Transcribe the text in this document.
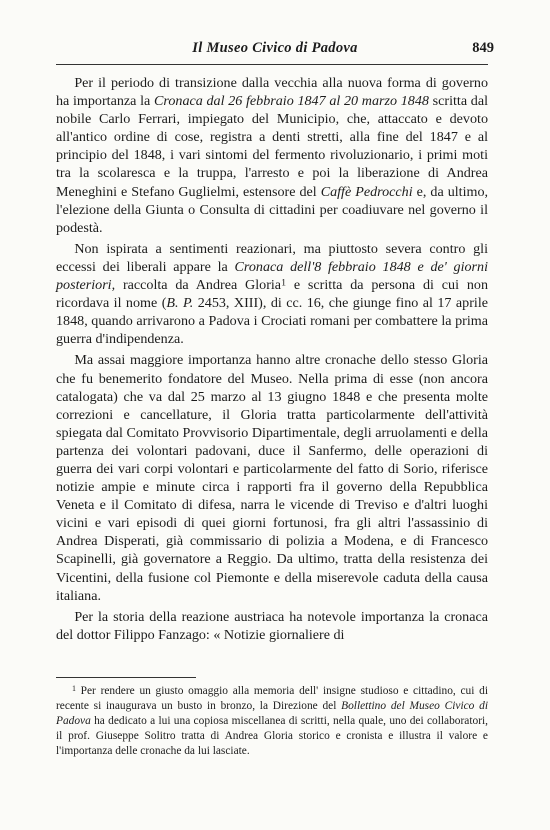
Il Museo Civico di Padova	849

Per il periodo di transizione dalla vecchia alla nuova forma di governo ha importanza la Cronaca dal 26 febbraio 1847 al 20 marzo 1848 scritta dal nobile Carlo Ferrari, impiegato del Municipio, che, attaccato e devoto all'antico ordine di cose, registra a denti stretti, alla fine del 1847 e al principio del 1848, i vari sintomi del fermento rivoluzionario, i primi moti tra la scolaresca e la truppa, l'arresto e poi la liberazione di Andrea Meneghini e Stefano Guglielmi, estensore del Caffè Pedrocchi e, da ultimo, l'elezione della Giunta o Consulta di cittadini per coadiuvare nel governo il podestà.

Non ispirata a sentimenti reazionari, ma piuttosto severa contro gli eccessi dei liberali appare la Cronaca dell'8 febbraio 1848 e de' giorni posteriori, raccolta da Andrea Gloria$^1$ e scritta da persona di cui non ricordava il nome (B. P. 2453, XIII), di cc. 16, che giunge fino al 17 aprile 1848, quando arrivarono a Padova i Crociati romani per combattere la prima guerra d'indipendenza.

Ma assai maggiore importanza hanno altre cronache dello stesso Gloria che fu benemerito fondatore del Museo. Nella prima di esse (non ancora catalogata) che va dal 25 marzo al 13 giugno 1848 e che presenta molte correzioni e cancellature, il Gloria tratta particolarmente dell'attività spiegata dal Comitato Provvisorio Dipartimentale, degli arruolamenti e della partenza dei volontari padovani, duce il Sanfermo, delle operazioni di guerra dei vari corpi volontari e particolarmente del fatto di Sorio, riferisce notizie ampie e minute circa i rapporti fra il governo della Repubblica Veneta e il Comitato di difesa, narra le vicende di Treviso e d'altri luoghi vicini e vari episodi di quei giorni fortunosi, fra gli altri l'assassinio di Andrea Disperati, già commissario di polizia a Modena, e di Francesco Scapinelli, già governatore a Reggio. Da ultimo, tratta della resistenza dei Vicentini, della fusione col Piemonte e della miserevole caduta della causa italiana.

Per la storia della reazione austriaca ha notevole importanza la cronaca del dottor Filippo Fanzago: « Notizie giornaliere di

$^1$ Per rendere un giusto omaggio alla memoria dell' insigne studioso e cittadino, cui di recente si inaugurava un busto in bronzo, la Direzione del Bollettino del Museo Civico di Padova ha dedicato a lui una copiosa miscellanea di scritti, nella quale, uno dei collaboratori, il prof. Giuseppe Solitro tratta di Andrea Gloria storico e cronista e illustra il valore e l'importanza delle cronache da lui lasciate.
